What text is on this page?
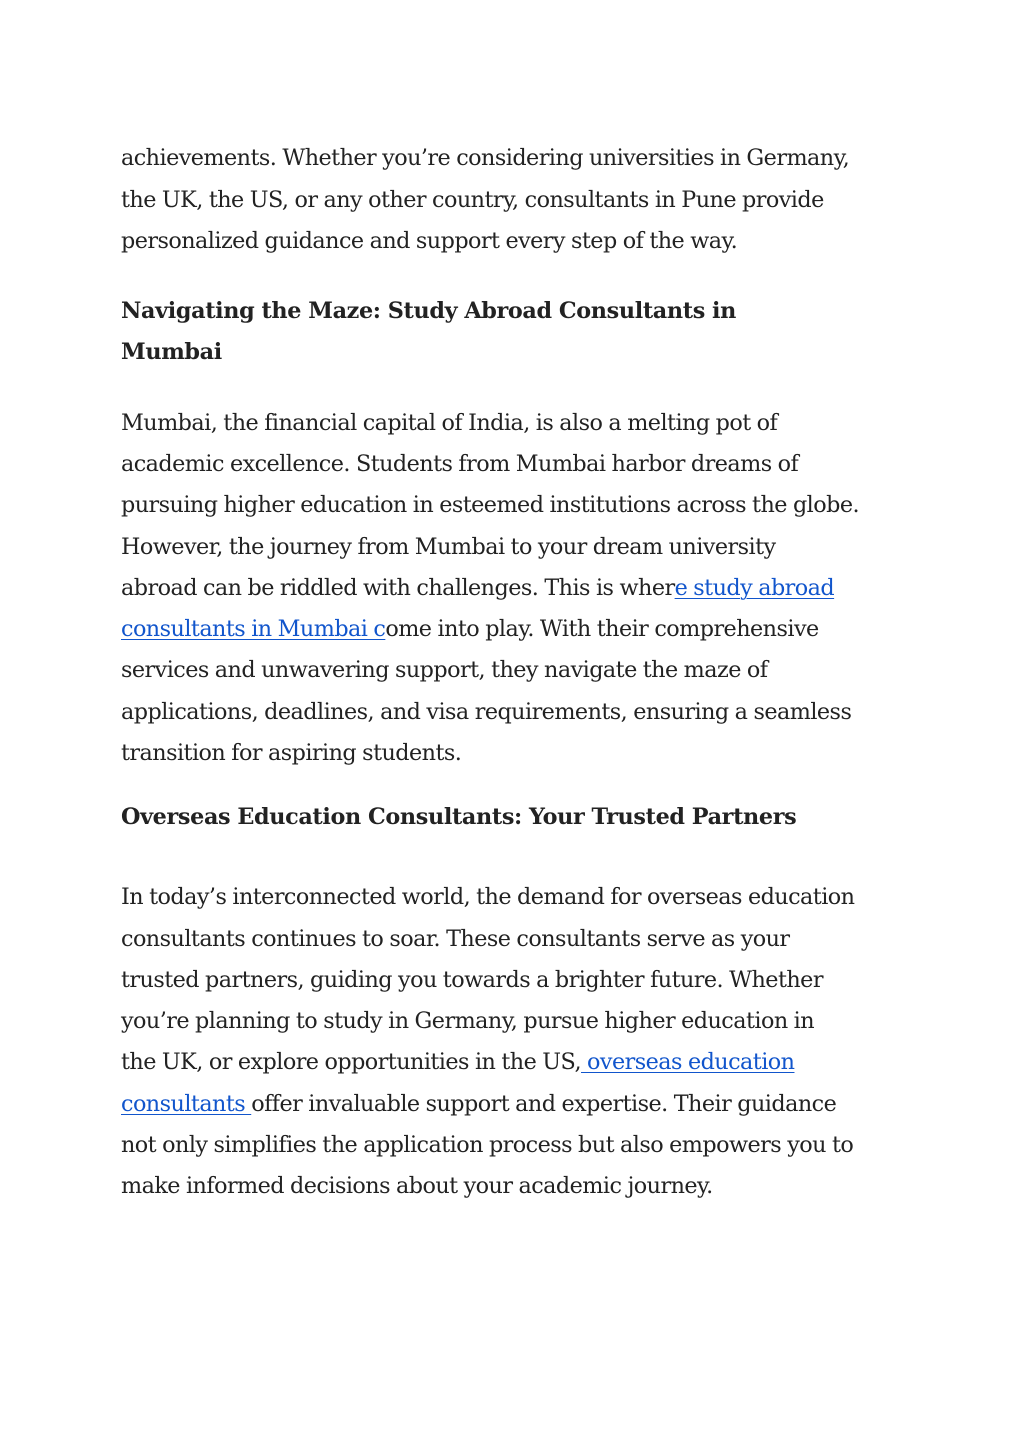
achievements. Whether you’re considering universities in Germany,
the UK, the US, or any other country, consultants in Pune provide
personalized guidance and support every step of the way.
Navigating the Maze: Study Abroad Consultants in
Mumbai
Mumbai, the financial capital of India, is also a melting pot of
academic excellence. Students from Mumbai harbor dreams of
pursuing higher education in esteemed institutions across the globe.
However, the journey from Mumbai to your dream university
abroad can be riddled with challenges. This is where study abroad
consultants in Mumbai come into play. With their comprehensive
services and unwavering support, they navigate the maze of
applications, deadlines, and visa requirements, ensuring a seamless
transition for aspiring students.
Overseas Education Consultants: Your Trusted Partners
In today’s interconnected world, the demand for overseas education
consultants continues to soar. These consultants serve as your
trusted partners, guiding you towards a brighter future. Whether
you’re planning to study in Germany, pursue higher education in
the UK, or explore opportunities in the US, overseas education
consultants offer invaluable support and expertise. Their guidance
not only simplifies the application process but also empowers you to
make informed decisions about your academic journey.
